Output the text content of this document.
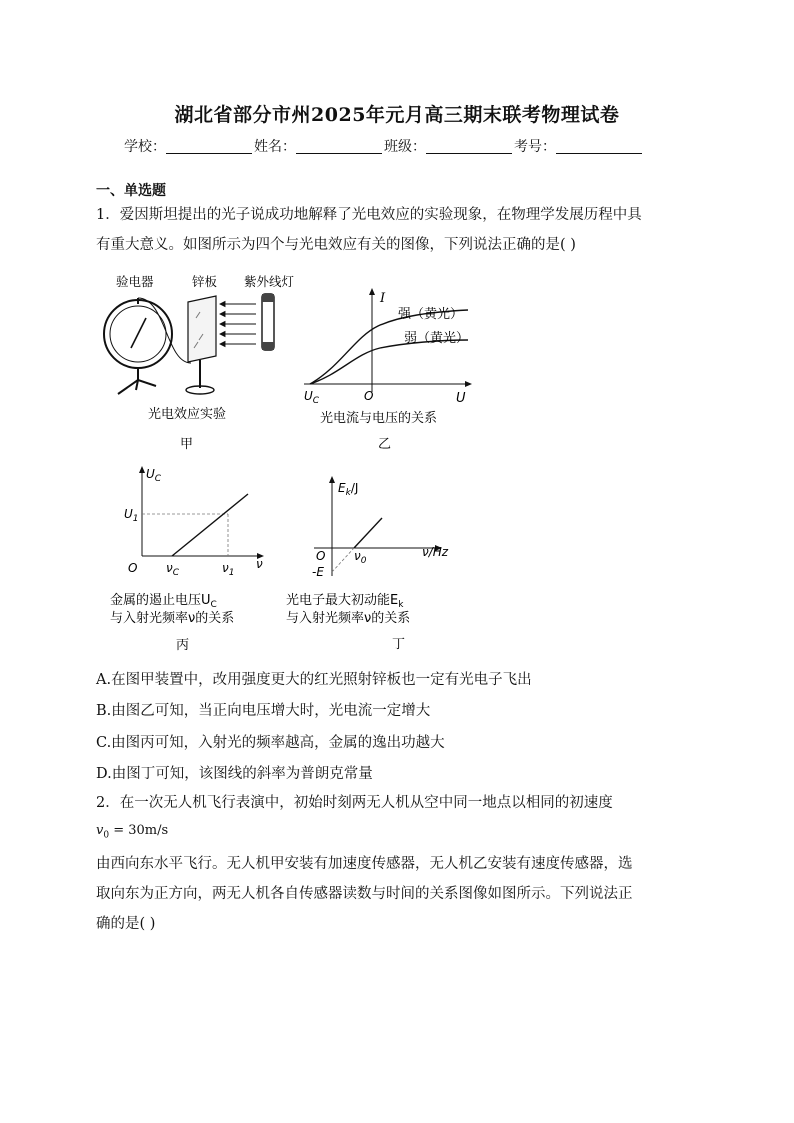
湖北省部分市州2025年元月高三期末联考物理试卷
学校：	姓名：	班级：	考号：
一、单选题
1．爱因斯坦提出的光子说成功地解释了光电效应的实验现象，在物理学发展历程中具
有重大意义。如图所示为四个与光电效应有关的图像，下列说法正确的是( )
验电器	锌板 紫外线灯
光电效应实验
甲
I
强（黄光）
弱（黄光）
$U_C$	O	U
光电流与电压的关系
乙
$U_C$
$U_1$
O $\nu_C$	$\nu_1$
ν
金属的遏止电压$U_C$
与入射光频率ν的关系
丙
$E_k/J$
O $\nu_0$
ν/Hz
-E
光电子最大初动能$E_k$
与入射光频率ν的关系
丁
A.在图甲装置中，改用强度更大的红光照射锌板也一定有光电子飞出
B.由图乙可知，当正向电压增大时，光电流一定增大
C.由图丙可知，入射光的频率越高，金属的逸出功越大
D.由图丁可知，该图线的斜率为普朗克常量
2．在一次无人机飞行表演中，初始时刻两无人机从空中同一地点以相同的初速度
$v_0 = 30m/s$
由西向东水平飞行。无人机甲安装有加速度传感器，无人机乙安装有速度传感器，选
取向东为正方向，两无人机各自传感器读数与时间的关系图像如图所示。下列说法正
确的是( )
